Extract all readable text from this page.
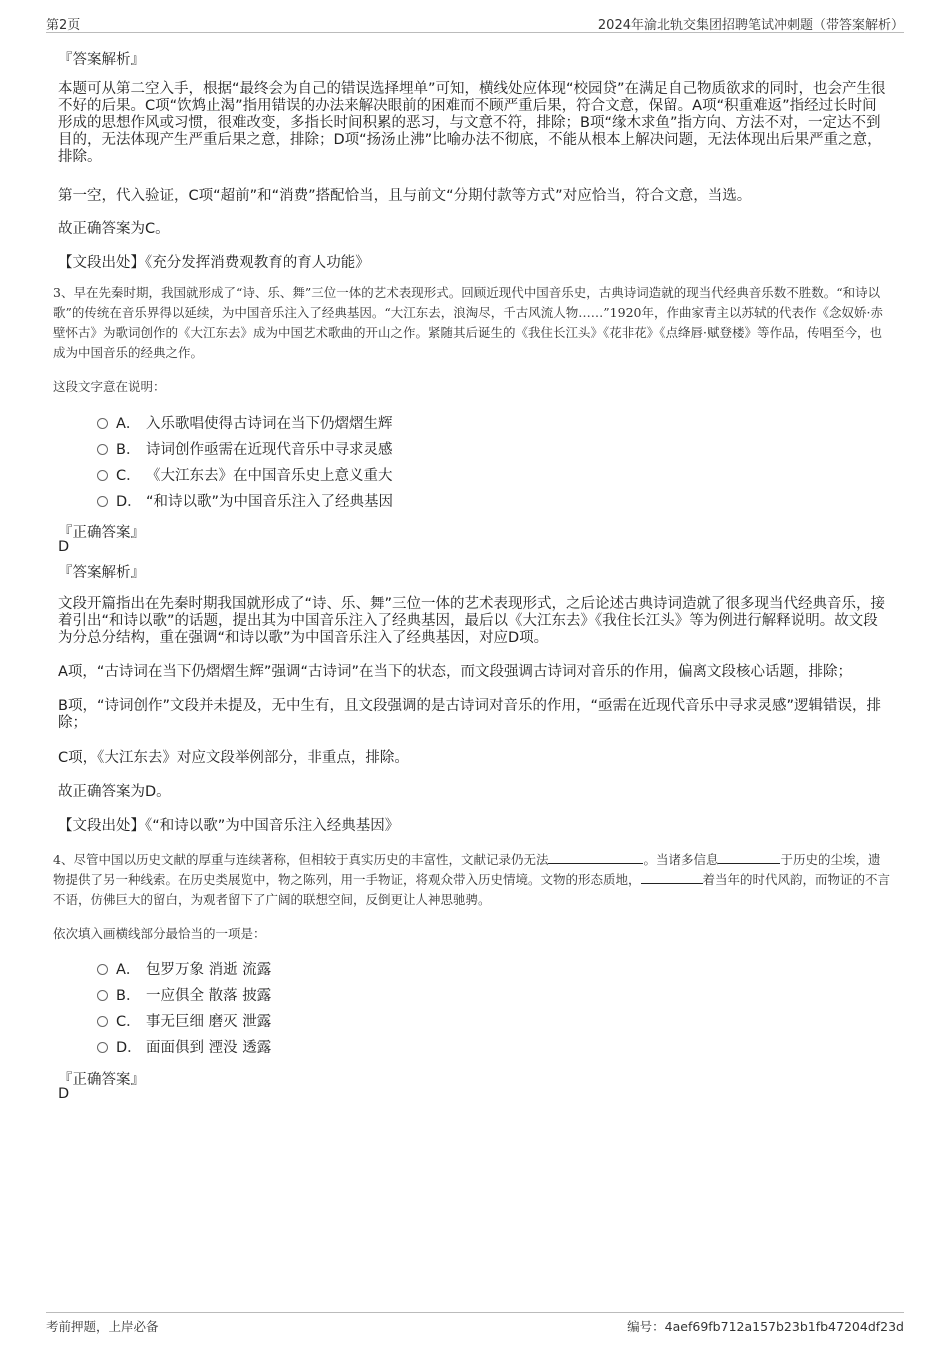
第2页	2024年渝北轨交集团招聘笔试冲刺题（带答案解析）
『答案解析』
本题可从第二空入手，根据“最终会为自己的错误选择埋单”可知，横线处应体现“校园贷”在满足自己物质欲求的同时，也会产生很不好的后果。C项“饮鸩止渴”指用错误的办法来解决眼前的困难而不顾严重后果，符合文意，保留。A项“积重难返”指经过长时间形成的思想作风或习惯，很难改变，多指长时间积累的恶习，与文意不符，排除；B项“缘木求鱼”指方向、方法不对，一定达不到目的，无法体现产生严重后果之意，排除；D项“扬汤止沸”比喻办法不彻底，不能从根本上解决问题，无法体现出后果严重之意，排除。
第一空，代入验证，C项“超前”和“消费”搭配恰当，且与前文“分期付款等方式”对应恰当，符合文意，当选。
故正确答案为C。
【文段出处】《充分发挥消费观教育的育人功能》
3、早在先秦时期，我国就形成了“诗、乐、舞”三位一体的艺术表现形式。回顾近现代中国音乐史，古典诗词造就的现当代经典音乐数不胜数。“和诗以歌”的传统在音乐界得以延续，为中国音乐注入了经典基因。“大江东去，浪淘尽，千古风流人物……”1920年，作曲家青主以苏轼的代表作《念奴娇·赤壁怀古》为歌词创作的《大江东去》成为中国艺术歌曲的开山之作。紧随其后诞生的《我住长江头》《花非花》《点绛唇·赋登楼》等作品，传唱至今，也成为中国音乐的经典之作。
这段文字意在说明：
A． 入乐歌唱使得古诗词在当下仍熠熠生辉
B． 诗词创作亟需在近现代音乐中寻求灵感
C． 《大江东去》在中国音乐史上意义重大
D． “和诗以歌”为中国音乐注入了经典基因
『正确答案』
D
『答案解析』
文段开篇指出在先秦时期我国就形成了“诗、乐、舞”三位一体的艺术表现形式，之后论述古典诗词造就了很多现当代经典音乐，接着引出“和诗以歌”的话题，提出其为中国音乐注入了经典基因，最后以《大江东去》《我住长江头》等为例进行解释说明。故文段为分总分结构，重在强调“和诗以歌”为中国音乐注入了经典基因，对应D项。
A项，“古诗词在当下仍熠熠生辉”强调“古诗词”在当下的状态，而文段强调古诗词对音乐的作用，偏离文段核心话题，排除；
B项，“诗词创作”文段并未提及，无中生有，且文段强调的是古诗词对音乐的作用，“亟需在近现代音乐中寻求灵感”逻辑错误，排除；
C项，《大江东去》对应文段举例部分，非重点，排除。
故正确答案为D。
【文段出处】《“和诗以歌”为中国音乐注入经典基因》
4、尽管中国以历史文献的厚重与连续著称，但相较于真实历史的丰富性，文献记录仍无法	。当诸多信息	于历史的尘埃，遗物提供了另一种线索。在历史类展览中，物之陈列，用一手物证，将观众带入历史情境。文物的形态质地，	着当年的时代风韵，而物证的不言不语，仿佛巨大的留白，为观者留下了广阔的联想空间，反倒更让人神思驰骋。
依次填入画横线部分最恰当的一项是：
A． 包罗万象 消逝 流露
B． 一应俱全 散落 披露
C． 事无巨细 磨灭 泄露
D． 面面俱到 湮没 透露
『正确答案』
D
考前押题，上岸必备	编号：4aef69fb712a157b23b1fb47204df23d
